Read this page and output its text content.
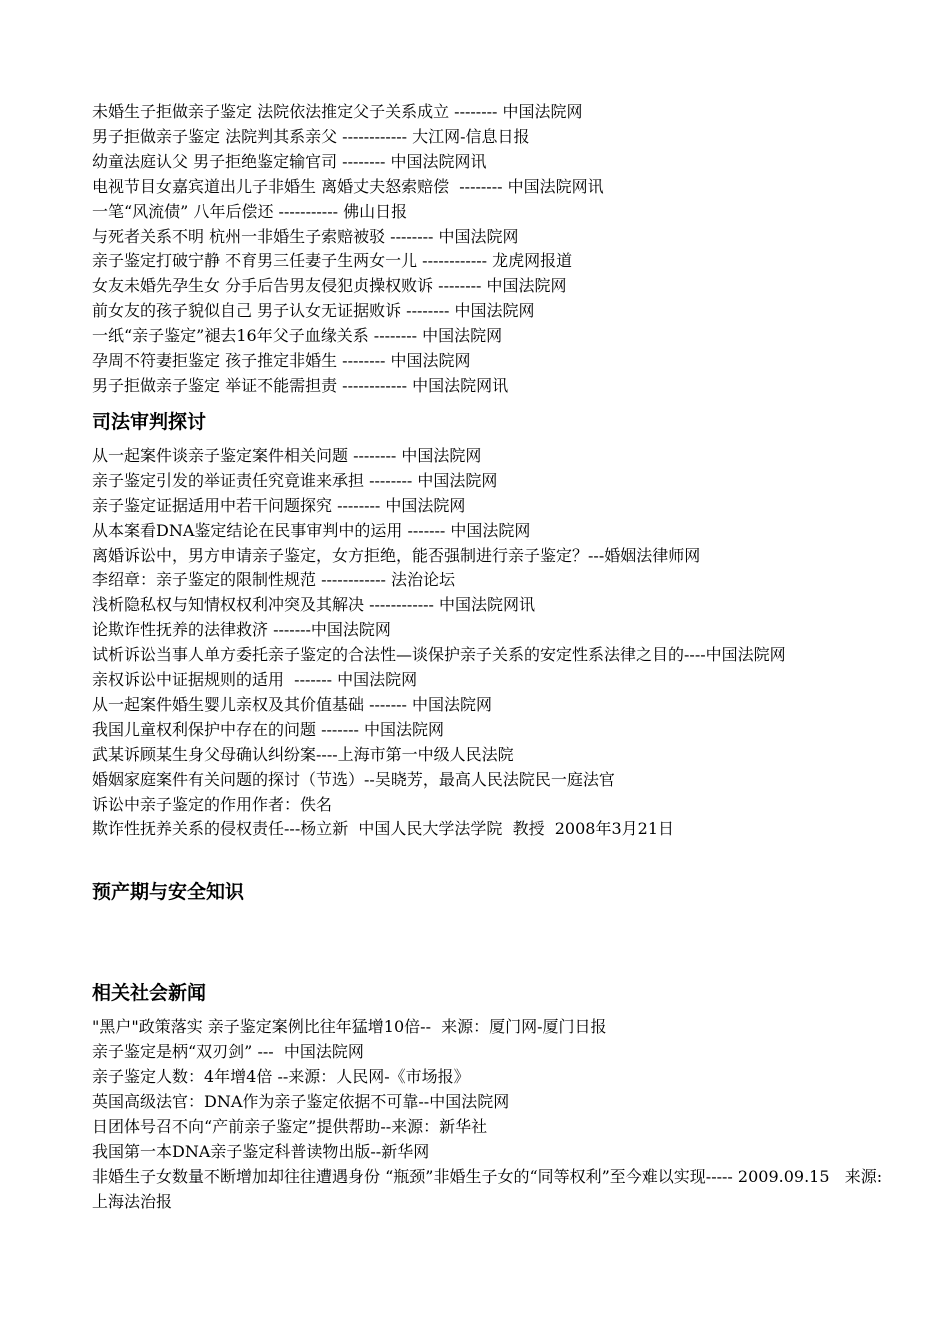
未婚生子拒做亲子鉴定 法院依法推定父子关系成立 -------- 中国法院网
男子拒做亲子鉴定 法院判其系亲父 ------------ 大江网-信息日报
幼童法庭认父 男子拒绝鉴定输官司 -------- 中国法院网讯
电视节目女嘉宾道出儿子非婚生 离婚丈夫怒索赔偿  -------- 中国法院网讯
一笔“风流债” 八年后偿还 ----------- 佛山日报
与死者关系不明 杭州一非婚生子索赔被驳 -------- 中国法院网
亲子鉴定打破宁静 不育男三任妻子生两女一儿 ------------ 龙虎网报道
女友未婚先孕生女 分手后告男友侵犯贞操权败诉 -------- 中国法院网
前女友的孩子貌似自己 男子认女无证据败诉 -------- 中国法院网
一纸“亲子鉴定”褪去16年父子血缘关系 -------- 中国法院网
孕周不符妻拒鉴定 孩子推定非婚生 -------- 中国法院网
男子拒做亲子鉴定 举证不能需担责 ------------ 中国法院网讯
司法审判探讨
从一起案件谈亲子鉴定案件相关问题 -------- 中国法院网
亲子鉴定引发的举证责任究竟谁来承担 -------- 中国法院网
亲子鉴定证据适用中若干问题探究 -------- 中国法院网
从本案看DNA鉴定结论在民事审判中的运用 ------- 中国法院网
离婚诉讼中，男方申请亲子鉴定，女方拒绝，能否强制进行亲子鉴定？---婚姻法律师网
李绍章：亲子鉴定的限制性规范 ------------ 法治论坛
浅析隐私权与知情权权利冲突及其解决 ------------ 中国法院网讯
论欺诈性抚养的法律救济 -------中国法院网
试析诉讼当事人单方委托亲子鉴定的合法性—谈保护亲子关系的安定性系法律之目的----中国法院网
亲权诉讼中证据规则的适用  ------- 中国法院网
从一起案件婚生婴儿亲权及其价值基础 ------- 中国法院网
我国儿童权利保护中存在的问题 ------- 中国法院网
武某诉顾某生身父母确认纠纷案----上海市第一中级人民法院
婚姻家庭案件有关问题的探讨（节选）--吴晓芳，最高人民法院民一庭法官
诉讼中亲子鉴定的作用作者：佚名
欺诈性抚养关系的侵权责任---杨立新  中国人民大学法学院  教授  2008年3月21日
预产期与安全知识
相关社会新闻
"黑户"政策落实 亲子鉴定案例比往年猛增10倍--  来源：厦门网-厦门日报
亲子鉴定是柄“双刃剑” ---  中国法院网
亲子鉴定人数：4年增4倍 --来源：人民网-《市场报》
英国高级法官：DNA作为亲子鉴定依据不可靠--中国法院网
日团体号召不向“产前亲子鉴定”提供帮助--来源：新华社
我国第一本DNA亲子鉴定科普读物出版--新华网
非婚生子女数量不断增加却往往遭遇身份 “瓶颈”非婚生子女的“同等权利”至今难以实现----- 2009.09.15   来源:上海法治报
